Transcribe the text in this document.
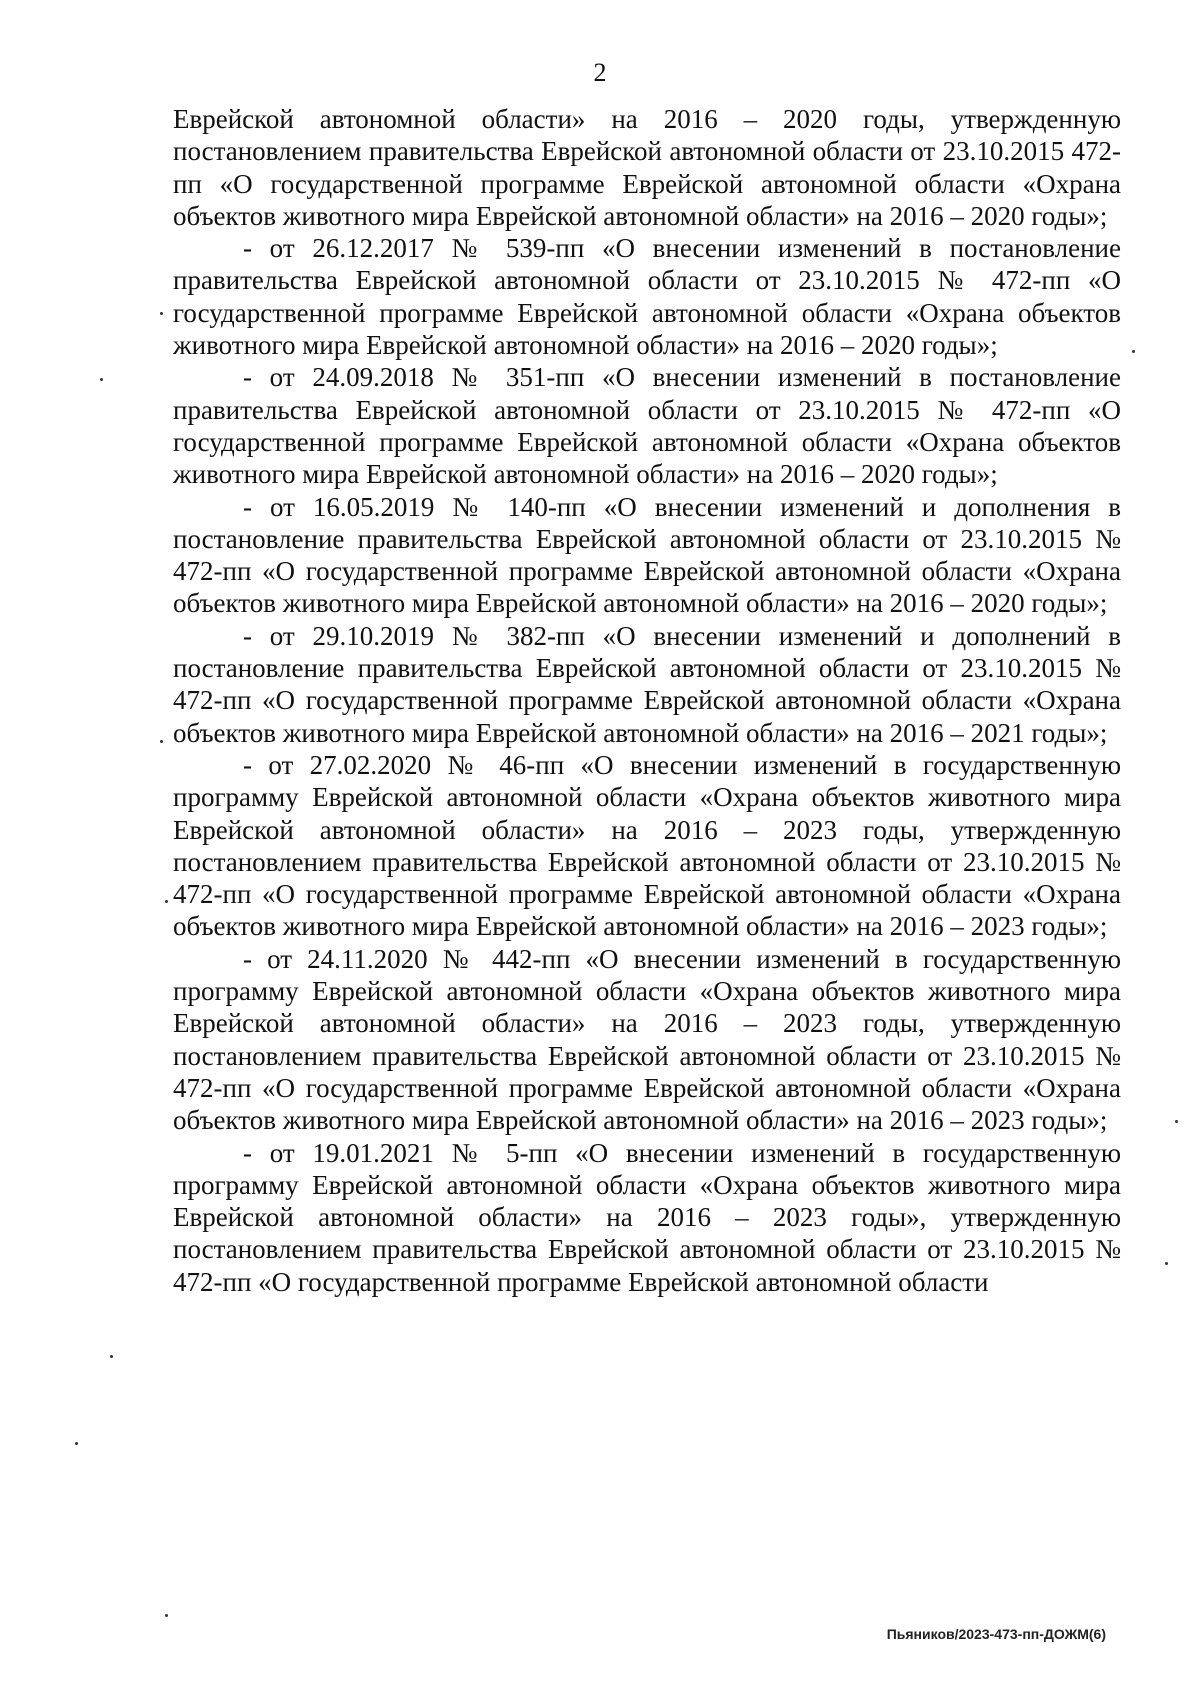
2

Еврейской автономной области» на 2016 – 2020 годы, утвержденную постановлением правительства Еврейской автономной области от 23.10.2015 472-пп «О государственной программе Еврейской автономной области «Охрана объектов животного мира Еврейской автономной области» на 2016 – 2020 годы»;

- от 26.12.2017 № 539-пп «О внесении изменений в постановление правительства Еврейской автономной области от 23.10.2015 № 472-пп «О государственной программе Еврейской автономной области «Охрана объектов животного мира Еврейской автономной области» на 2016 – 2020 годы»;

- от 24.09.2018 № 351-пп «О внесении изменений в постановление правительства Еврейской автономной области от 23.10.2015 № 472-пп «О государственной программе Еврейской автономной области «Охрана объектов животного мира Еврейской автономной области» на 2016 – 2020 годы»;

- от 16.05.2019 № 140-пп «О внесении изменений и дополнения в постановление правительства Еврейской автономной области от 23.10.2015 № 472-пп «О государственной программе Еврейской автономной области «Охрана объектов животного мира Еврейской автономной области» на 2016 – 2020 годы»;

- от 29.10.2019 № 382-пп «О внесении изменений и дополнений в постановление правительства Еврейской автономной области от 23.10.2015 № 472-пп «О государственной программе Еврейской автономной области «Охрана объектов животного мира Еврейской автономной области» на 2016 – 2021 годы»;

- от 27.02.2020 № 46-пп «О внесении изменений в государственную программу Еврейской автономной области «Охрана объектов животного мира Еврейской автономной области» на 2016 – 2023 годы, утвержденную постановлением правительства Еврейской автономной области от 23.10.2015 № 472-пп «О государственной программе Еврейской автономной области «Охрана объектов животного мира Еврейской автономной области» на 2016 – 2023 годы»;

- от 24.11.2020 № 442-пп «О внесении изменений в государственную программу Еврейской автономной области «Охрана объектов животного мира Еврейской автономной области» на 2016 – 2023 годы, утвержденную постановлением правительства Еврейской автономной области от 23.10.2015 № 472-пп «О государственной программе Еврейской автономной области «Охрана объектов животного мира Еврейской автономной области» на 2016 – 2023 годы»;

- от 19.01.2021 № 5-пп «О внесении изменений в государственную программу Еврейской автономной области «Охрана объектов животного мира Еврейской автономной области» на 2016 – 2023 годы», утвержденную постановлением правительства Еврейской автономной области от 23.10.2015 № 472-пп «О государственной программе Еврейской автономной области

Пьяников/2023-473-пп-ДОЖМ(6)
